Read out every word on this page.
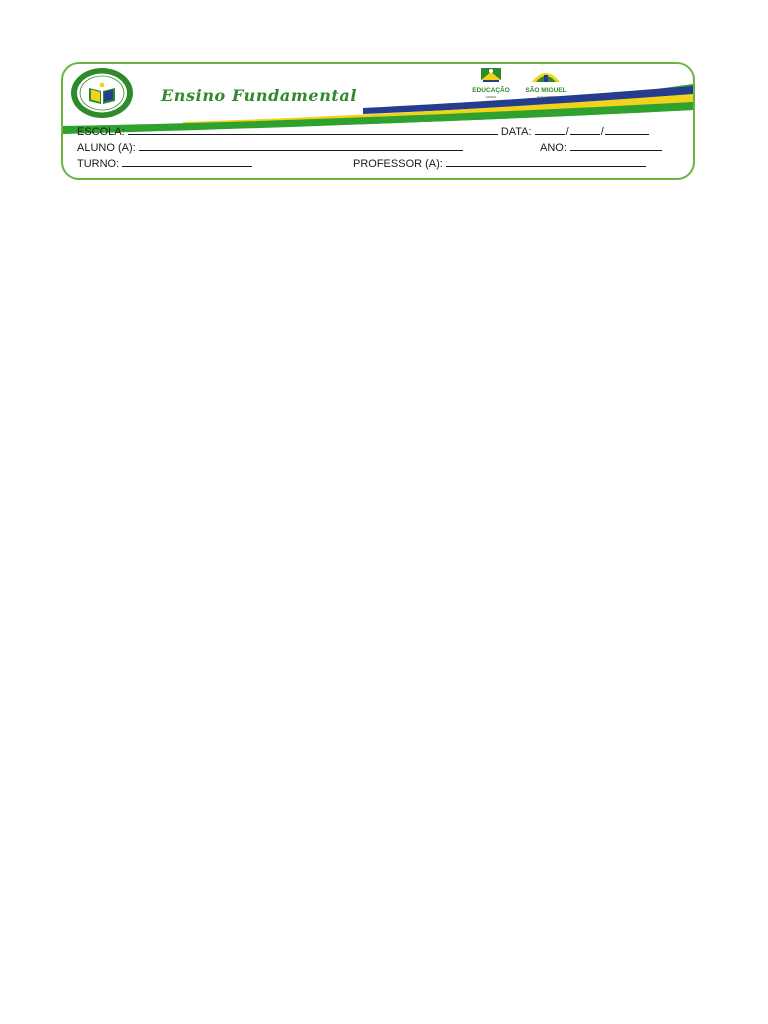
Ensino Fundamental	EDUCAÇÃO
SEMED
SÃO MIGUEL
DOS MATOS
ESCOLA:	DATA:	/	/
ALUNO (A):	ANO:
TURNO:	PROFESSOR (A):
